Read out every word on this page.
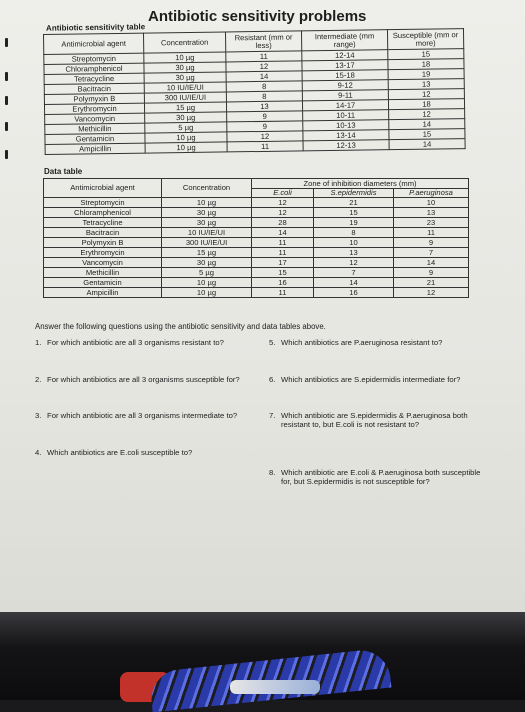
Antibiotic sensitivity problems
Antibiotic sensitivity table
Antimicrobial agent	Concentration	Resistant (mm or less)	Intermediate (mm range)	Susceptible (mm or more)
Streptomycin	10 µg	11	12-14	15
Chloramphenicol	30 µg	12	13-17	18
Tetracycline	30 µg	14	15-18	19
Bacitracin	10 IU/IE/UI	8	9-12	13
Polymyxin B	300 IU/IE/UI	8	9-11	12
Erythromycin	15 µg	13	14-17	18
Vancomycin	30 µg	9	10-11	12
Methicillin	5 µg	9	10-13	14
Gentamicin	10 µg	12	13-14	15
Ampicillin	10 µg	11	12-13	14
Data table
Antimicrobial agent	Concentration	Zone of inhibition diameters (mm)		
		E.coli	S.epidermidis	P.aeruginosa
Streptomycin	10 µg	12	21	10
Chloramphenicol	30 µg	12	15	13
Tetracycline	30 µg	28	19	23
Bacitracin	10 IU/IE/UI	14	8	11
Polymyxin B	300 IU/IE/UI	11	10	9
Erythromycin	15 µg	11	13	7
Vancomycin	30 µg	17	12	14
Methicillin	5 µg	15	7	9
Gentamicin	10 µg	16	14	21
Ampicillin	10 µg	11	16	12
Answer the following questions using the antibiotic sensitivity and data tables above.
1. For which antibiotic are all 3 organisms resistant to?
2. For which antibiotics are all 3 organisms susceptible for?
3. For which antibiotic are all 3 organisms intermediate to?
4. Which antibiotics are E.coli susceptible to?
5. Which antibiotics are P.aeruginosa resistant to?
6. Which antibiotics are S.epidermidis intermediate for?
7. Which antibiotic are S.epidermidis & P.aeruginosa both resistant to, but E.coli is not resistant to?
8. Which antibiotic are E.coli & P.aeruginosa both susceptible for, but S.epidermidis is not susceptible for?
